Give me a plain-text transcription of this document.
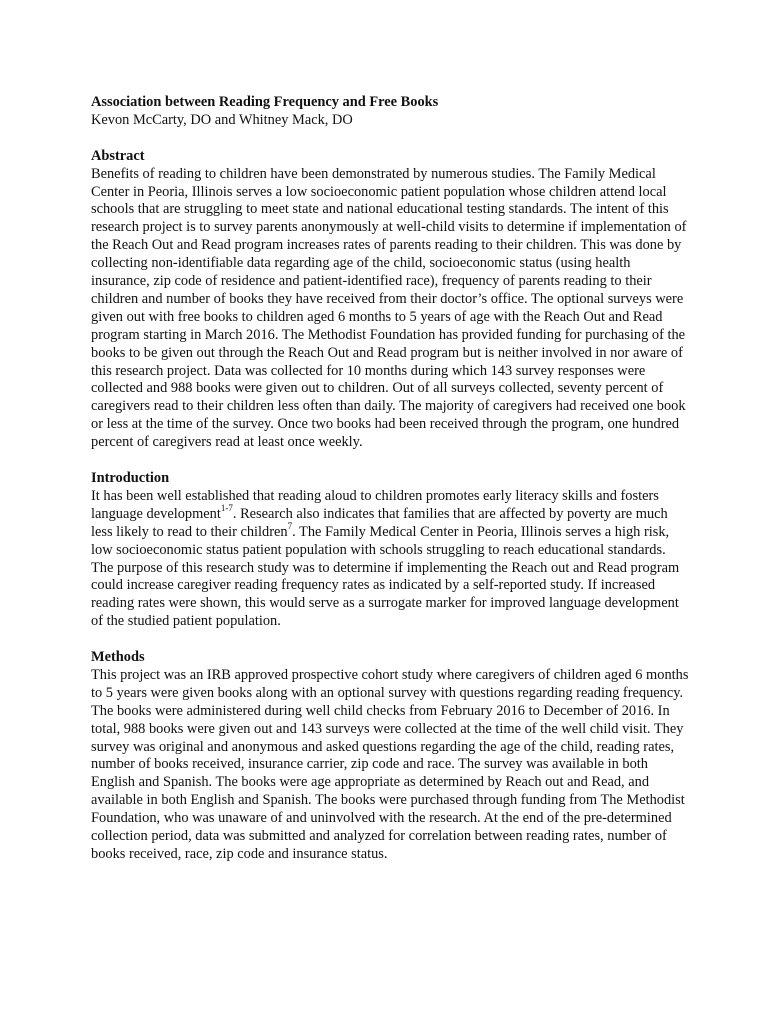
Association between Reading Frequency and Free Books

Kevon McCarty, DO and Whitney Mack, DO

Abstract

Benefits of reading to children have been demonstrated by numerous studies. The Family Medical Center in Peoria, Illinois serves a low socioeconomic patient population whose children attend local schools that are struggling to meet state and national educational testing standards. The intent of this research project is to survey parents anonymously at well-child visits to determine if implementation of the Reach Out and Read program increases rates of parents reading to their children. This was done by collecting non-identifiable data regarding age of the child, socioeconomic status (using health insurance, zip code of residence and patient-identified race), frequency of parents reading to their children and number of books they have received from their doctor’s office. The optional surveys were given out with free books to children aged 6 months to 5 years of age with the Reach Out and Read program starting in March 2016. The Methodist Foundation has provided funding for purchasing of the books to be given out through the Reach Out and Read program but is neither involved in nor aware of this research project. Data was collected for 10 months during which 143 survey responses were collected and 988 books were given out to children. Out of all surveys collected, seventy percent of caregivers read to their children less often than daily. The majority of caregivers had received one book or less at the time of the survey. Once two books had been received through the program, one hundred percent of caregivers read at least once weekly.

Introduction

It has been well established that reading aloud to children promotes early literacy skills and fosters language development$^{1-7}$. Research also indicates that families that are affected by poverty are much less likely to read to their children$^7$. The Family Medical Center in Peoria, Illinois serves a high risk, low socioeconomic status patient population with schools struggling to reach educational standards. The purpose of this research study was to determine if implementing the Reach out and Read program could increase caregiver reading frequency rates as indicated by a self-reported study. If increased reading rates were shown, this would serve as a surrogate marker for improved language development of the studied patient population.

Methods

This project was an IRB approved prospective cohort study where caregivers of children aged 6 months to 5 years were given books along with an optional survey with questions regarding reading frequency. The books were administered during well child checks from February 2016 to December of 2016. In total, 988 books were given out and 143 surveys were collected at the time of the well child visit. They survey was original and anonymous and asked questions regarding the age of the child, reading rates, number of books received, insurance carrier, zip code and race. The survey was available in both English and Spanish. The books were age appropriate as determined by Reach out and Read, and available in both English and Spanish. The books were purchased through funding from The Methodist Foundation, who was unaware of and uninvolved with the research. At the end of the pre-determined collection period, data was submitted and analyzed for correlation between reading rates, number of books received, race, zip code and insurance status.
